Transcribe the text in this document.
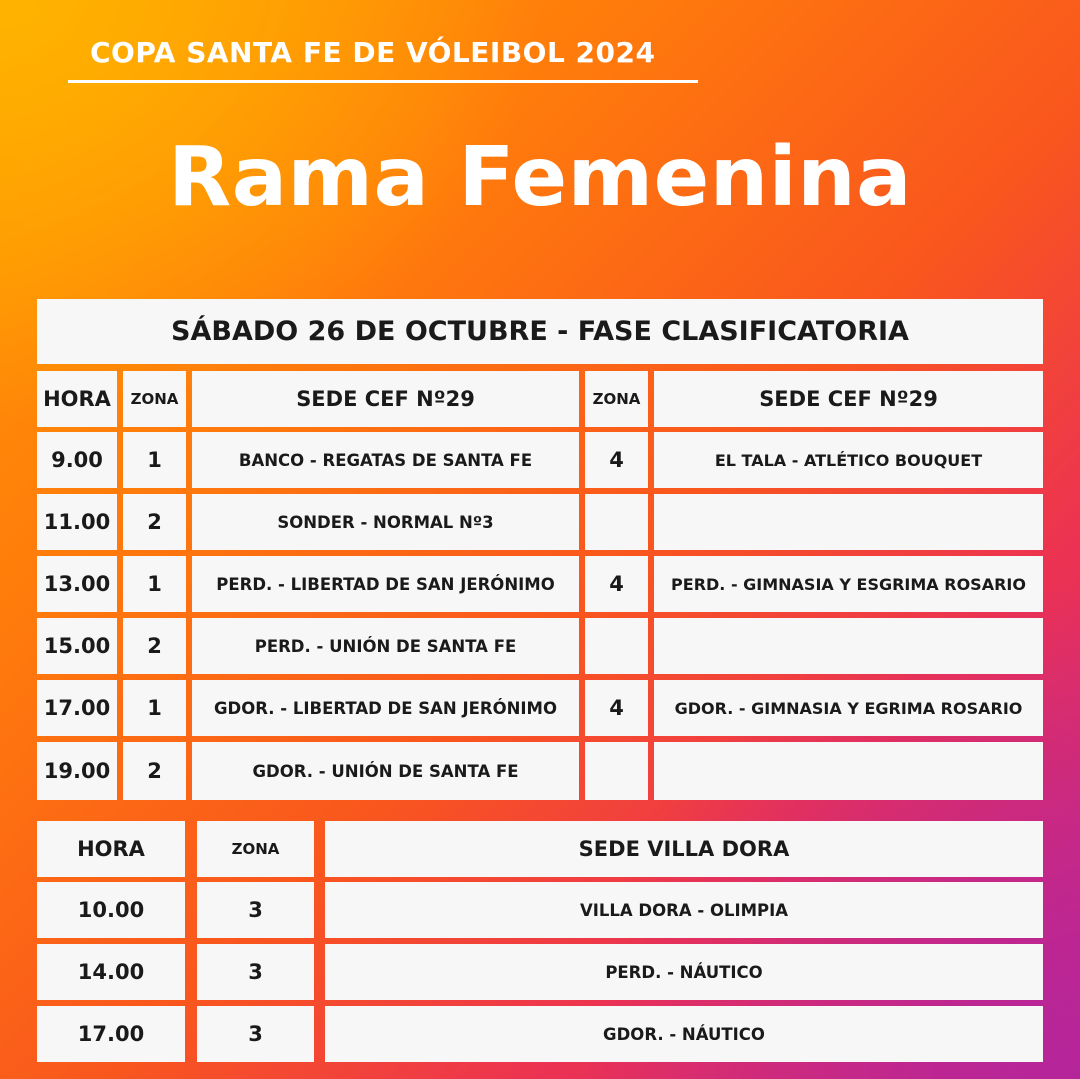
COPA SANTA FE DE VÓLEIBOL 2024
Rama Femenina
SÁBADO 26 DE OCTUBRE - FASE CLASIFICATORIA
HORA	ZONA	SEDE CEF Nº29	ZONA	SEDE CEF Nº29
9.00	1	BANCO - REGATAS DE SANTA FE	4	EL TALA - ATLÉTICO BOUQUET
11.00	2	SONDER - NORMAL Nº3
13.00	1	PERD. - LIBERTAD DE SAN JERÓNIMO	4	PERD. - GIMNASIA Y ESGRIMA ROSARIO
15.00	2	PERD. - UNIÓN DE SANTA FE
17.00	1	GDOR. - LIBERTAD DE SAN JERÓNIMO	4	GDOR. - GIMNASIA Y EGRIMA ROSARIO
19.00	2	GDOR. - UNIÓN DE SANTA FE
HORA	ZONA	SEDE VILLA DORA
10.00	3	VILLA DORA - OLIMPIA
14.00	3	PERD. - NÁUTICO
17.00	3	GDOR. - NÁUTICO
